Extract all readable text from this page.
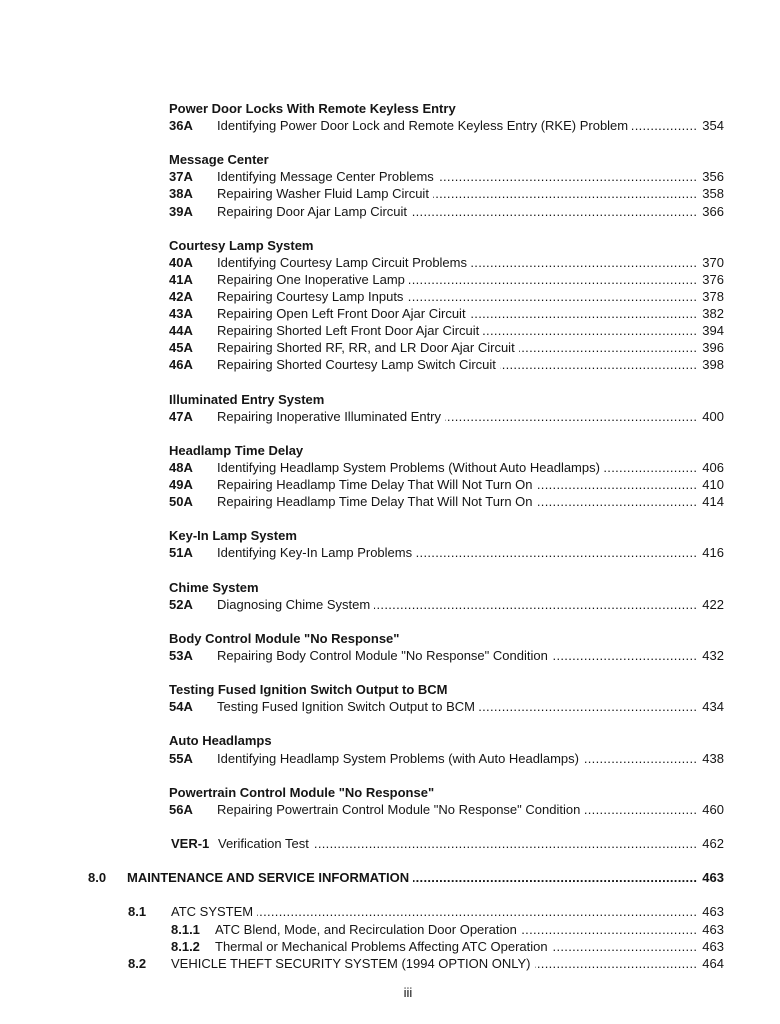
Power Door Locks With Remote Keyless Entry
36A	Identifying Power Door Lock and Remote Keyless Entry (RKE) Problem .....	354
Message Center
37A	Identifying Message Center Problems .....	356
38A	Repairing Washer Fluid Lamp Circuit .....	358
39A	Repairing Door Ajar Lamp Circuit .....	366
Courtesy Lamp System
40A	Identifying Courtesy Lamp Circuit Problems .....	370
41A	Repairing One Inoperative Lamp .....	376
42A	Repairing Courtesy Lamp Inputs .....	378
43A	Repairing Open Left Front Door Ajar Circuit .....	382
44A	Repairing Shorted Left Front Door Ajar Circuit .....	394
45A	Repairing Shorted RF, RR, and LR Door Ajar Circuit .....	396
46A	Repairing Shorted Courtesy Lamp Switch Circuit .....	398
Illuminated Entry System
47A	Repairing Inoperative Illuminated Entry .....	400
Headlamp Time Delay
48A	Identifying Headlamp System Problems (Without Auto Headlamps) .....	406
49A	Repairing Headlamp Time Delay That Will Not Turn On .....	410
50A	Repairing Headlamp Time Delay That Will Not Turn On .....	414
Key-In Lamp System
51A	Identifying Key-In Lamp Problems .....	416
Chime System
52A	Diagnosing Chime System .....	422
Body Control Module "No Response"
53A	Repairing Body Control Module "No Response" Condition .....	432
Testing Fused Ignition Switch Output to BCM
54A	Testing Fused Ignition Switch Output to BCM .....	434
Auto Headlamps
55A	Identifying Headlamp System Problems (with Auto Headlamps) .....	438
Powertrain Control Module "No Response"
56A	Repairing Powertrain Control Module "No Response" Condition .....	460
VER-1 Verification Test .....	462
8.0	MAINTENANCE AND SERVICE INFORMATION .....	463
8.1	ATC SYSTEM .....	463
8.1.1	ATC Blend, Mode, and Recirculation Door Operation .....	463
8.1.2	Thermal or Mechanical Problems Affecting ATC Operation .....	463
8.2	VEHICLE THEFT SECURITY SYSTEM (1994 OPTION ONLY) .....	464
iii
